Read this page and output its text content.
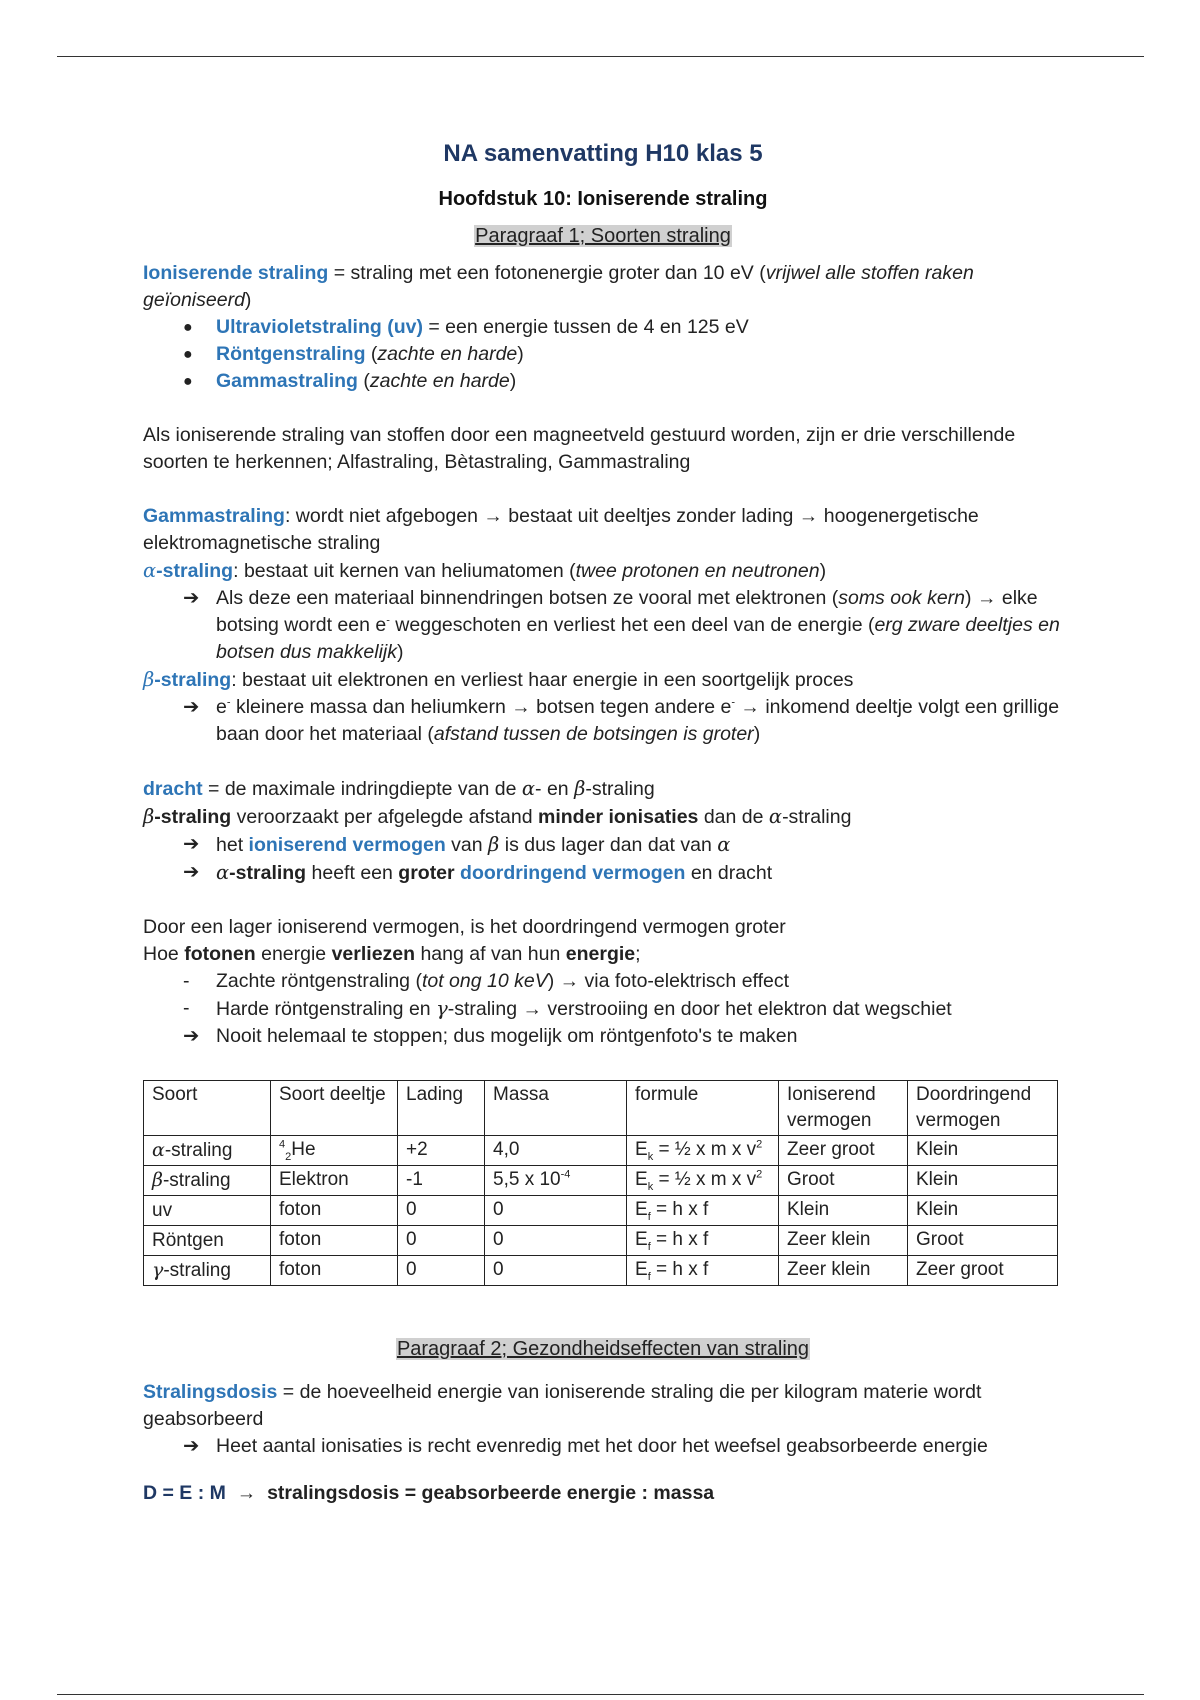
NA samenvatting H10 klas 5
Hoofdstuk 10: Ioniserende straling
Paragraaf 1; Soorten straling

Ioniserende straling = straling met een fotonenergie groter dan 10 eV (vrijwel alle stoffen raken geïoniseerd)

●	Ultravioletstraling (uv) = een energie tussen de 4 en 125 eV
●	Röntgenstraling (zachte en harde)
●	Gammastraling (zachte en harde)

Als ioniserende straling van stoffen door een magneetveld gestuurd worden, zijn er drie verschillende soorten te herkennen; Alfastraling, Bètastraling, Gammastraling

Gammastraling: wordt niet afgebogen → bestaat uit deeltjes zonder lading → hoogenergetische elektromagnetische straling

α-straling: bestaat uit kernen van heliumatomen (twee protonen en neutronen)

➔ Als deze een materiaal binnendringen botsen ze vooral met elektronen (soms ook kern) → elke botsing wordt een e- weggeschoten en verliest het een deel van de energie (erg zware deeltjes en botsen dus makkelijk)

β-straling: bestaat uit elektronen en verliest haar energie in een soortgelijk proces

➔ e- kleinere massa dan heliumkern → botsen tegen andere e- → inkomend deeltje volgt een grillige baan door het materiaal (afstand tussen de botsingen is groter)

dracht = de maximale indringdiepte van de α- en β-straling

β-straling veroorzaakt per afgelegde afstand minder ionisaties dan de α-straling

➔ het ioniserend vermogen van β is dus lager dan dat van α
➔ α-straling heeft een groter doordringend vermogen en dracht

Door een lager ioniserend vermogen, is het doordringend vermogen groter

Hoe fotonen energie verliezen hang af van hun energie;

-	Zachte röntgenstraling (tot ong 10 keV) → via foto-elektrisch effect
-	Harde röntgenstraling en γ-straling → verstrooiing en door het elektron dat wegschiet
➔ Nooit helemaal te stoppen; dus mogelijk om röntgenfoto's te maken
Soort	Soort deeltje	Lading	Massa	formule	Ioniserend vermogen	Doordringend vermogen
α-straling	$^4_2$He	+2	4,0	$E_k$ = ½ x m x $v^2$	Zeer groot	Klein
β-straling	Elektron	-1	5,5 x $10^{-4}$	$E_k$ = ½ x m x $v^2$	Groot	Klein
uv	foton	0	0	$E_f = h$ x f	Klein	Klein
Röntgen	foton	0	0	$E_f = h$ x f	Zeer klein	Groot
γ-straling	foton	0	0	$E_f = h$ x f	Zeer klein	Zeer groot
Paragraaf 2; Gezondheidseffecten van straling

Stralingsdosis = de hoeveelheid energie van ioniserende straling die per kilogram materie wordt geabsorbeerd

➔ Heet aantal ionisaties is recht evenredig met het door het weefsel geabsorbeerde energie

D = E : M → stralingsdosis = geabsorbeerde energie : massa
